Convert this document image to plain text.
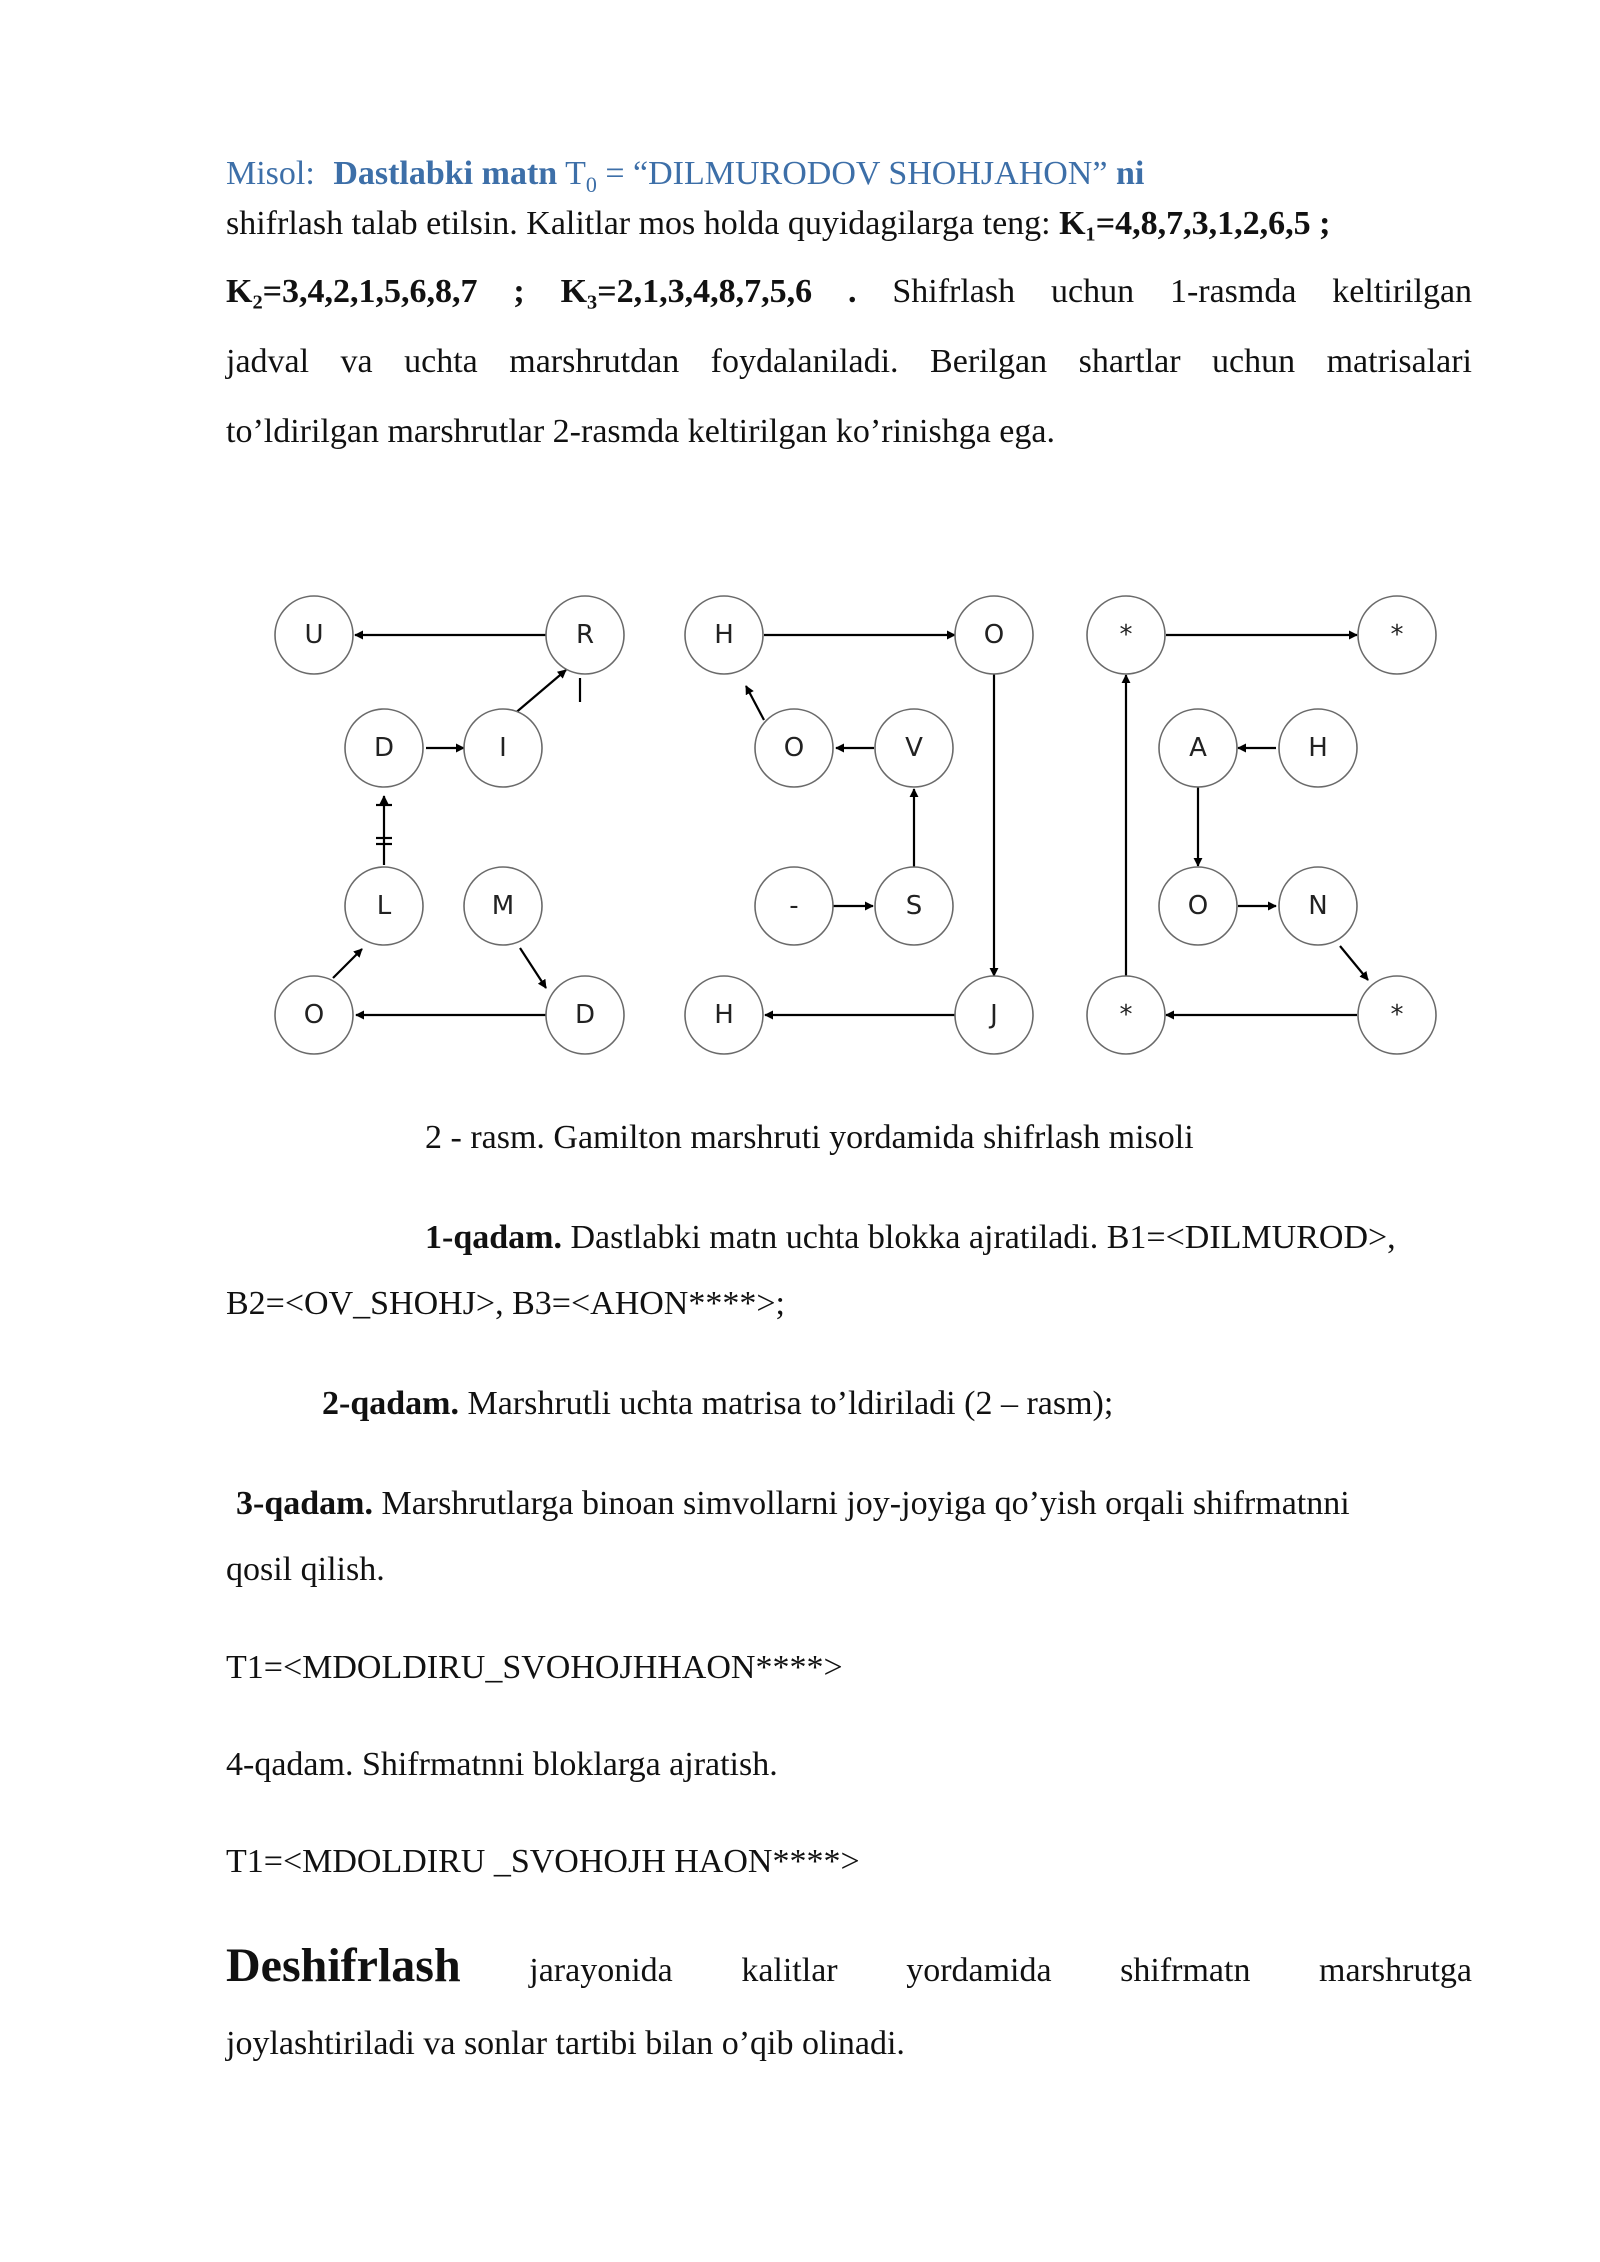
Misol: Dastlabki matn $T_0$ = “DILMURODOV SHOHJAHON” ni
shifrlash talab etilsin. Kalitlar mos holda quyidagilarga teng: K₁=4,8,7,3,1,2,6,5 ;
K₂=3,4,2,1,5,6,8,7 ; K₃=2,1,3,4,8,7,5,6 . Shifrlash uchun 1-rasmda keltirilgan
jadval va uchta marshrutdan foydalaniladi. Berilgan shartlar uchun matrisalari
to’ldirilgan marshrutlar 2-rasmda keltirilgan ko’rinishga ega.
U	R
D	I
L	M
O	D
H	O
O	V
-	S
H	J
*	*
A	H
O	N
*	*
2 - rasm. Gamilton marshruti yordamida shifrlash misoli
1-qadam. Dastlabki matn uchta blokka ajratiladi. B1=<DILMUROD>,
B2=<OV_SHOHJ>, B3=<AHON****>;
2-qadam. Marshrutli uchta matrisa to’ldiriladi (2 – rasm);
3-qadam. Marshrutlarga binoan simvollarni joy-joyiga qo’yish orqali shifrmatnni
qosil qilish.
T1=<MDOLDIRU_SVOHOJHHAON****>
4-qadam. Shifrmatnni bloklarga ajratish.
T1=<MDOLDIRU _SVOHOJH HAON****>
Deshifrlash jarayonida kalitlar yordamida shifrmatn marshrutga
joylashtiriladi va sonlar tartibi bilan o’qib olinadi.
